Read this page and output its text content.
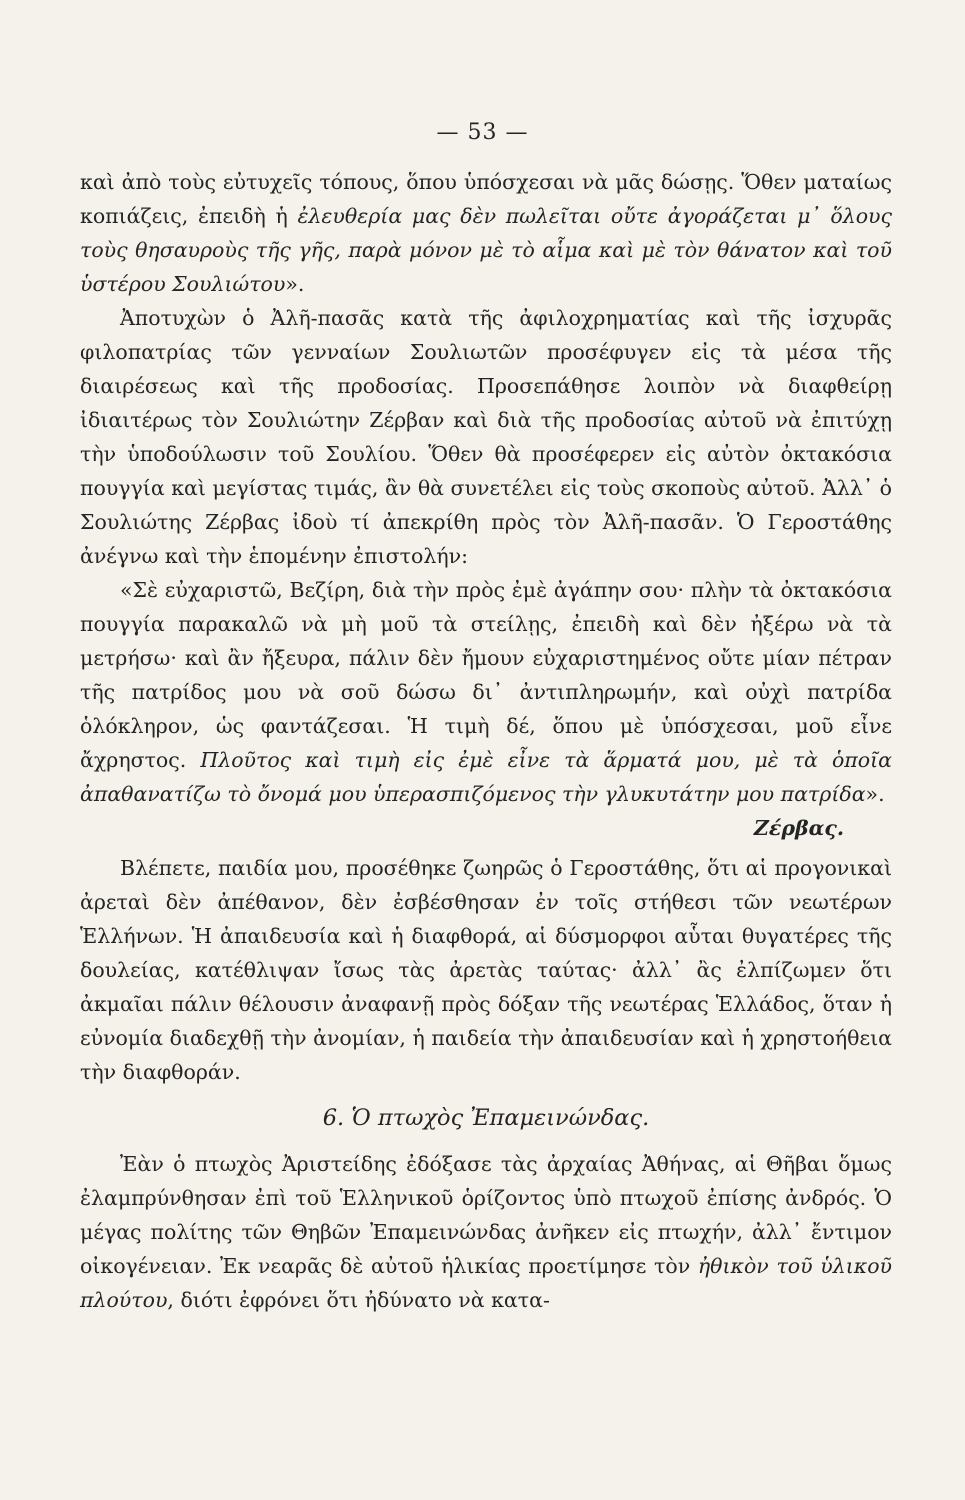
— 53 —

καὶ ἀπὸ τοὺς εὐτυχεῖς τόπους, ὅπου ὑπόσχεσαι νὰ μᾶς δώσῃς. Ὅθεν ματαίως κοπιάζεις, ἐπειδὴ ἡ ἐλευθερία μας δὲν πωλεῖται οὔτε ἀγοράζεται μ᾽ ὅλους τοὺς θησαυροὺς τῆς γῆς, παρὰ μόνον μὲ τὸ αἷμα καὶ μὲ τὸν θάνατον καὶ τοῦ ὑστέρου Σουλιώτου».

Ἀποτυχὼν ὁ Ἀλῆ-πασᾶς κατὰ τῆς ἀφιλοχρηματίας καὶ τῆς ἰσχυρᾶς φιλοπατρίας τῶν γενναίων Σουλιωτῶν προσέφυγεν εἰς τὰ μέσα τῆς διαιρέσεως καὶ τῆς προδοσίας. Προσεπάθησε λοιπὸν νὰ διαφθείρῃ ἰδιαιτέρως τὸν Σουλιώτην Ζέρβαν καὶ διὰ τῆς προδοσίας αὐτοῦ νὰ ἐπιτύχῃ τὴν ὑποδούλωσιν τοῦ Σουλίου. Ὅθεν θὰ προσέφερεν εἰς αὐτὸν ὀκτακόσια πουγγία καὶ μεγίστας τιμάς, ἂν θὰ συνετέλει εἰς τοὺς σκοποὺς αὐτοῦ. Ἀλλ᾽ ὁ Σουλιώτης Ζέρβας ἰδοὺ τί ἀπεκρίθη πρὸς τὸν Ἀλῆ-πασᾶν. Ὁ Γεροστάθης ἀνέγνω καὶ τὴν ἑπομένην ἐπιστολήν:

«Σὲ εὐχαριστῶ, Βεζίρη, διὰ τὴν πρὸς ἐμὲ ἀγάπην σου· πλὴν τὰ ὀκτακόσια πουγγία παρακαλῶ νὰ μὴ μοῦ τὰ στείλῃς, ἐπειδὴ καὶ δὲν ἠξέρω νὰ τὰ μετρήσω· καὶ ἂν ἤξευρα, πάλιν δὲν ἤμουν εὐχαριστημένος οὔτε μίαν πέτραν τῆς πατρίδος μου νὰ σοῦ δώσω δι᾽ ἀντιπληρωμήν, καὶ οὐχὶ πατρίδα ὁλόκληρον, ὡς φαντάζεσαι. Ἡ τιμὴ δέ, ὅπου μὲ ὑπόσχεσαι, μοῦ εἶνε ἄχρηστος. Πλοῦτος καὶ τιμὴ εἰς ἐμὲ εἶνε τὰ ἅρματά μου, μὲ τὰ ὁποῖα ἀπαθανατίζω τὸ ὄνομά μου ὑπερασπιζόμενος τὴν γλυκυτάτην μου πατρίδα».

Ζέρβας.

Βλέπετε, παιδία μου, προσέθηκε ζωηρῶς ὁ Γεροστάθης, ὅτι αἱ προγονικαὶ ἀρεταὶ δὲν ἀπέθανον, δὲν ἐσβέσθησαν ἐν τοῖς στήθεσι τῶν νεωτέρων Ἑλλήνων. Ἡ ἀπαιδευσία καὶ ἡ διαφθορά, αἱ δύσμορφοι αὗται θυγατέρες τῆς δουλείας, κατέθλιψαν ἴσως τὰς ἀρετὰς ταύτας· ἀλλ᾽ ἂς ἐλπίζωμεν ὅτι ἀκμαῖαι πάλιν θέλουσιν ἀναφανῇ πρὸς δόξαν τῆς νεωτέρας Ἑλλάδος, ὅταν ἡ εὐνομία διαδεχθῇ τὴν ἀνομίαν, ἡ παιδεία τὴν ἀπαιδευσίαν καὶ ἡ χρηστοήθεια τὴν διαφθοράν.

6. Ὁ πτωχὸς Ἐπαμεινώνδας.

Ἐὰν ὁ πτωχὸς Ἀριστείδης ἐδόξασε τὰς ἀρχαίας Ἀθήνας, αἱ Θῆβαι ὅμως ἐλαμπρύνθησαν ἐπὶ τοῦ Ἑλληνικοῦ ὁρίζοντος ὑπὸ πτωχοῦ ἐπίσης ἀνδρός. Ὁ μέγας πολίτης τῶν Θηβῶν Ἐπαμεινώνδας ἀνῆκεν εἰς πτωχήν, ἀλλ᾽ ἔντιμον οἰκογένειαν. Ἐκ νεαρᾶς δὲ αὐτοῦ ἡλικίας προετίμησε τὸν ἠθικὸν τοῦ ὑλικοῦ πλούτου, διότι ἐφρόνει ὅτι ἠδύνατο νὰ κατα-
